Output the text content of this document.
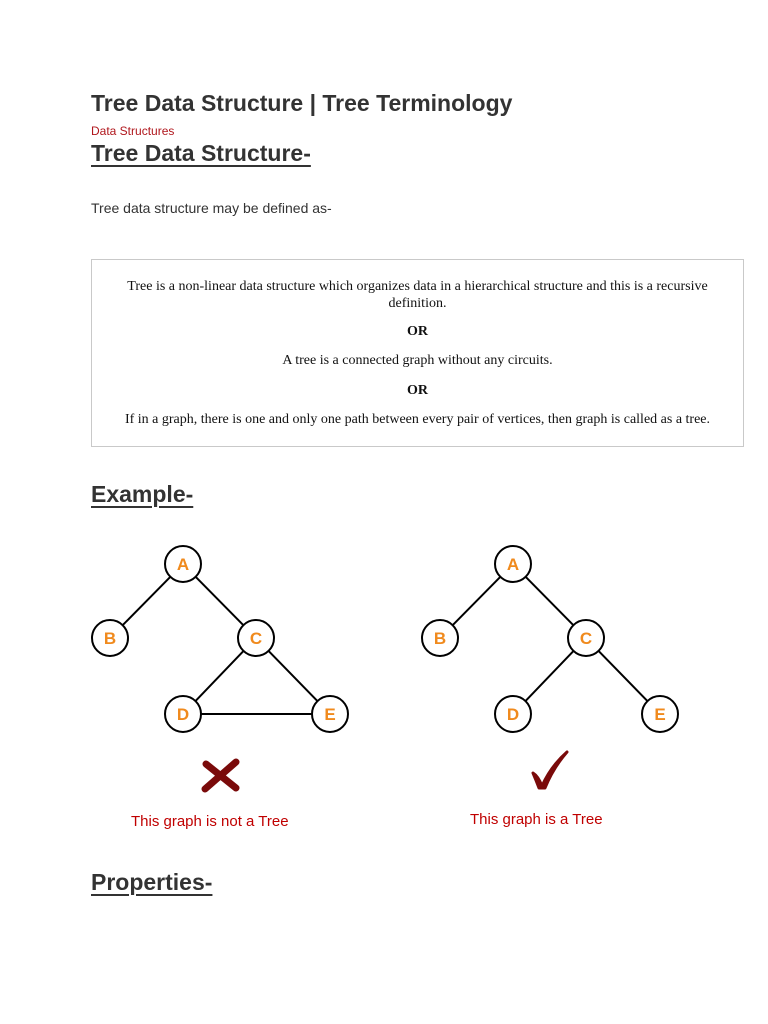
Tree Data Structure | Tree Terminology
Data Structures
Tree Data Structure-

Tree data structure may be defined as-

Tree is a non-linear data structure which organizes data in a hierarchical structure and this is a recursive definition.

OR

A tree is a connected graph without any circuits.

OR

If in a graph, there is one and only one path between every pair of vertices, then graph is called as a tree.

Example-
A
B	C
D	E
A
B	C
D	E
This graph is not a Tree	This graph is a Tree
Properties-
